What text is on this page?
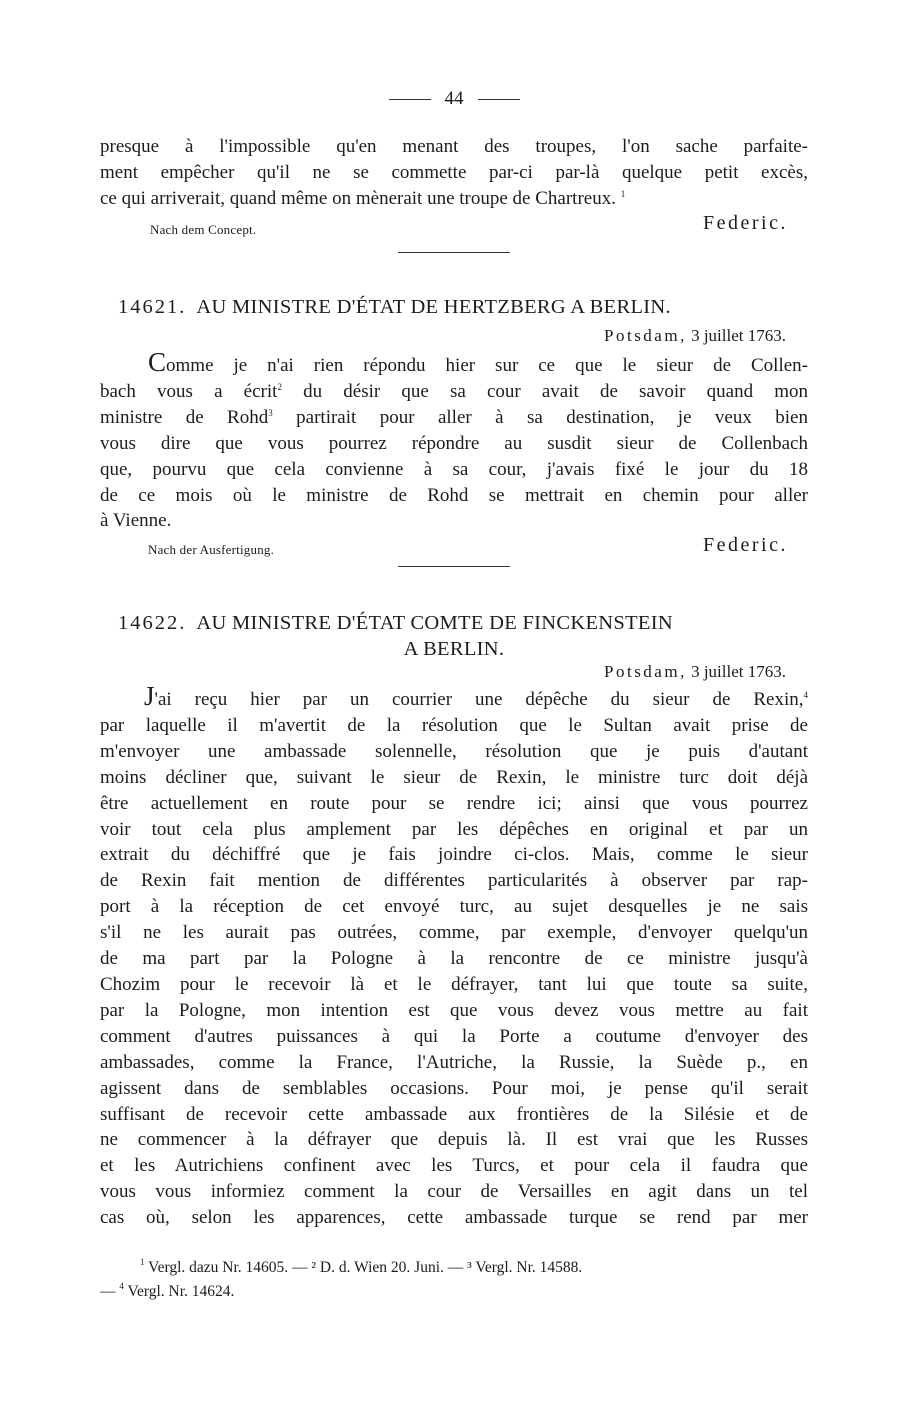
44
presque à l'impossible qu'en menant des troupes, l'on sache parfaite-
ment empêcher qu'il ne se commette par-ci par-là quelque petit excès,
ce qui arriverait, quand même on mènerait une troupe de Chartreux. $^1$
Nach dem Concept.	Federic.
14621. AU MINISTRE D'ÉTAT DE HERTZBERG A BERLIN.
Potsdam, 3 juillet 1763.
Comme je n'ai rien répondu hier sur ce que le sieur de Collen-
bach vous a écrit$^2$ du désir que sa cour avait de savoir quand mon
ministre de Rohd$^3$ partirait pour aller à sa destination, je veux bien
vous dire que vous pourrez répondre au susdit sieur de Collenbach
que, pourvu que cela convienne à sa cour, j'avais fixé le jour du 18
de ce mois où le ministre de Rohd se mettrait en chemin pour aller
à Vienne.
Nach der Ausfertigung.	Federic.
14622. AU MINISTRE D'ÉTAT COMTE DE FINCKENSTEIN
A BERLIN.
Potsdam, 3 juillet 1763.
J'ai reçu hier par un courrier une dépêche du sieur de Rexin,$^4$
par laquelle il m'avertit de la résolution que le Sultan avait prise de
m'envoyer une ambassade solennelle, résolution que je puis d'autant
moins décliner que, suivant le sieur de Rexin, le ministre turc doit déjà
être actuellement en route pour se rendre ici; ainsi que vous pourrez
voir tout cela plus amplement par les dépêches en original et par un
extrait du déchiffré que je fais joindre ci-clos. Mais, comme le sieur
de Rexin fait mention de différentes particularités à observer par rap-
port à la réception de cet envoyé turc, au sujet desquelles je ne sais
s'il ne les aurait pas outrées, comme, par exemple, d'envoyer quelqu'un
de ma part par la Pologne à la rencontre de ce ministre jusqu'à
Chozim pour le recevoir là et le défrayer, tant lui que toute sa suite,
par la Pologne, mon intention est que vous devez vous mettre au fait
comment d'autres puissances à qui la Porte a coutume d'envoyer des
ambassades, comme la France, l'Autriche, la Russie, la Suède p., en
agissent dans de semblables occasions. Pour moi, je pense qu'il serait
suffisant de recevoir cette ambassade aux frontières de la Silésie et de
ne commencer à la défrayer que depuis là. Il est vrai que les Russes
et les Autrichiens confinent avec les Turcs, et pour cela il faudra que
vous vous informiez comment la cour de Versailles en agit dans un tel
cas où, selon les apparences, cette ambassade turque se rend par mer
$^1$ Vergl. dazu Nr. 14605. — ² D. d. Wien 20. Juni. — ³ Vergl. Nr. 14588.
— $^4$ Vergl. Nr. 14624.
